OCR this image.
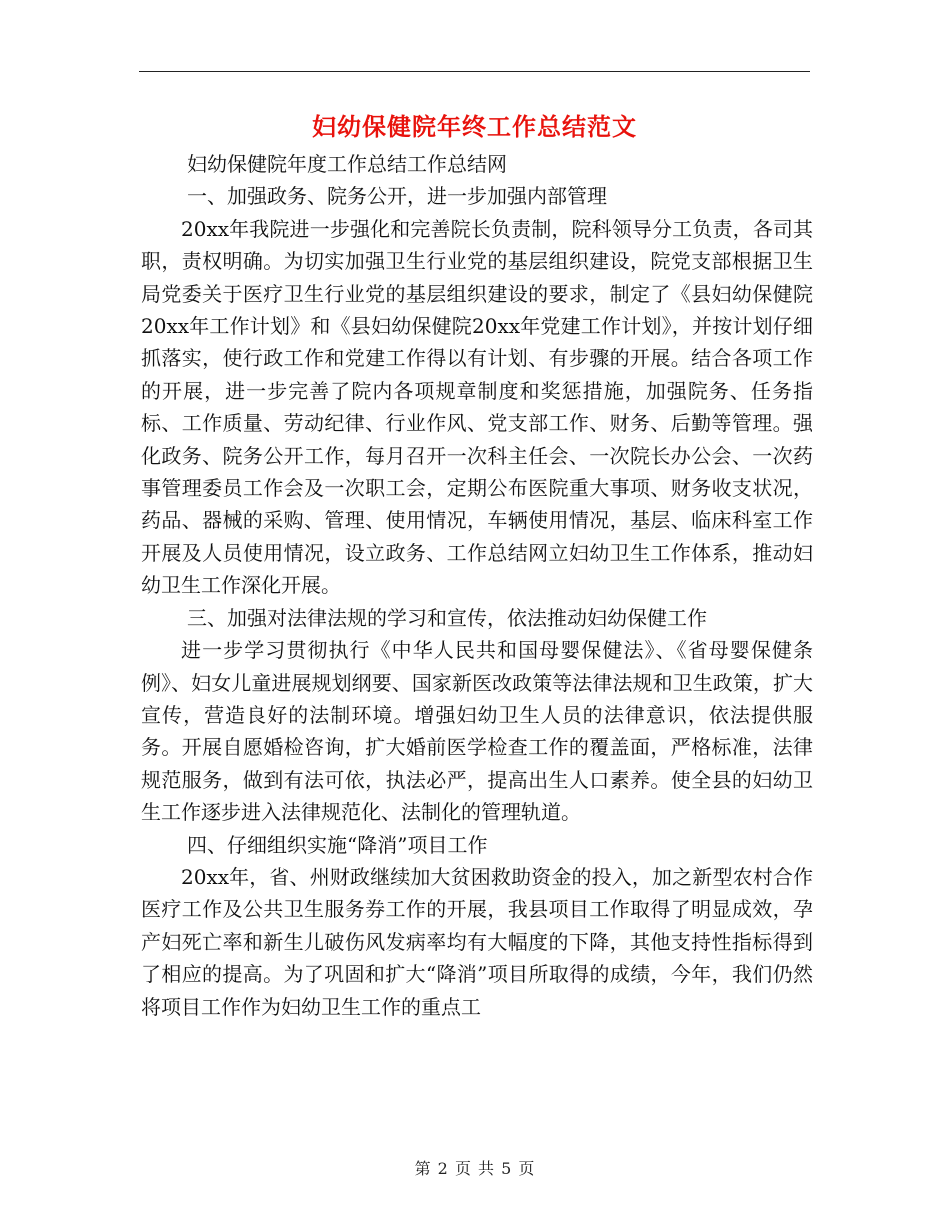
妇幼保健院年终工作总结范文

妇幼保健院年度工作总结工作总结网

一、加强政务、院务公开，进一步加强内部管理

20xx年我院进一步强化和完善院长负责制，院科领导分工负责，各司其职，责权明确。为切实加强卫生行业党的基层组织建设，院党支部根据卫生局党委关于医疗卫生行业党的基层组织建设的要求，制定了《县妇幼保健院20xx年工作计划》和《县妇幼保健院20xx年党建工作计划》，并按计划仔细抓落实，使行政工作和党建工作得以有计划、有步骤的开展。结合各项工作的开展，进一步完善了院内各项规章制度和奖惩措施，加强院务、任务指标、工作质量、劳动纪律、行业作风、党支部工作、财务、后勤等管理。强化政务、院务公开工作，每月召开一次科主任会、一次院长办公会、一次药事管理委员工作会及一次职工会，定期公布医院重大事项、财务收支状况，药品、器械的采购、管理、使用情况，车辆使用情况，基层、临床科室工作开展及人员使用情况，设立政务、工作总结网立妇幼卫生工作体系，推动妇幼卫生工作深化开展。

三、加强对法律法规的学习和宣传，依法推动妇幼保健工作

进一步学习贯彻执行《中华人民共和国母婴保健法》、《省母婴保健条例》、妇女儿童进展规划纲要、国家新医改政策等法律法规和卫生政策，扩大宣传，营造良好的法制环境。增强妇幼卫生人员的法律意识，依法提供服务。开展自愿婚检咨询，扩大婚前医学检查工作的覆盖面，严格标准，法律规范服务，做到有法可依，执法必严，提高出生人口素养。使全县的妇幼卫生工作逐步进入法律规范化、法制化的管理轨道。

四、仔细组织实施“降消”项目工作

20xx年，省、州财政继续加大贫困救助资金的投入，加之新型农村合作医疗工作及公共卫生服务券工作的开展，我县项目工作取得了明显成效，孕产妇死亡率和新生儿破伤风发病率均有大幅度的下降，其他支持性指标得到了相应的提高。为了巩固和扩大“降消”项目所取得的成绩，今年，我们仍然将项目工作作为妇幼卫生工作的重点工

第 2 页 共 5 页
